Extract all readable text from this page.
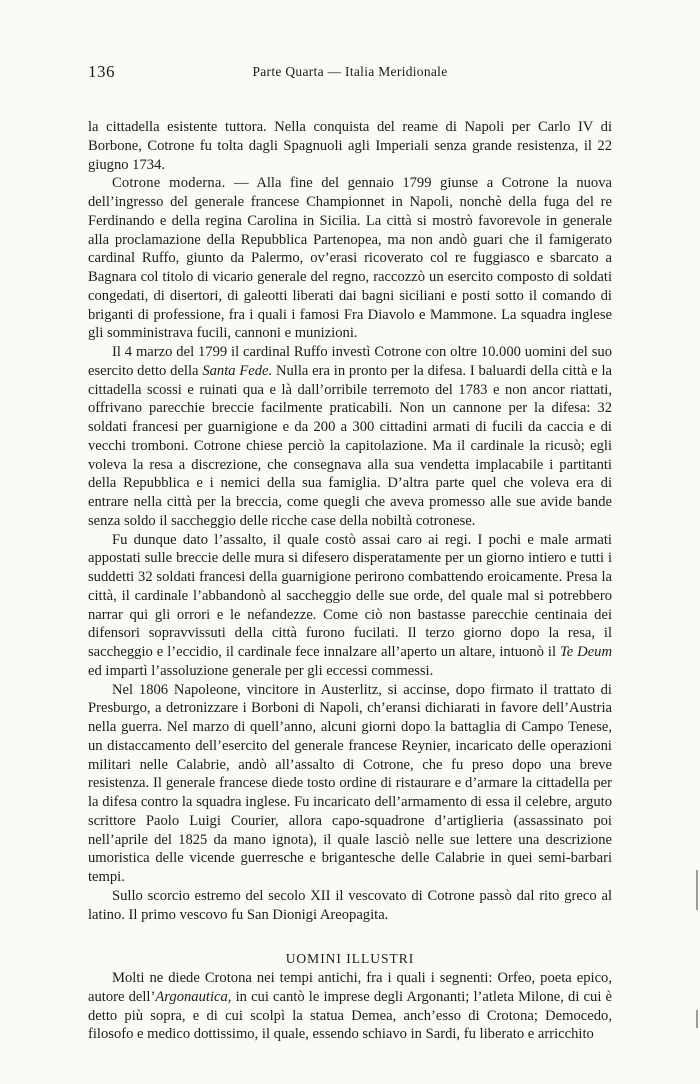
136	Parte Quarta — Italia Meridionale

la cittadella esistente tuttora. Nella conquista del reame di Napoli per Carlo IV di Borbone, Cotrone fu tolta dagli Spagnuoli agli Imperiali senza grande resistenza, il 22 giugno 1734.

Cotrone moderna. — Alla fine del gennaio 1799 giunse a Cotrone la nuova dell’ingresso del generale francese Championnet in Napoli, nonchè della fuga del re Ferdinando e della regina Carolina in Sicilia. La città si mostrò favorevole in generale alla proclamazione della Repubblica Partenopea, ma non andò guari che il famigerato cardinal Ruffo, giunto da Palermo, ov’erasi ricoverato col re fuggiasco e sbarcato a Bagnara col titolo di vicario generale del regno, raccozzò un esercito composto di soldati congedati, di disertori, di galeotti liberati dai bagni siciliani e posti sotto il comando di briganti di professione, fra i quali i famosi Fra Diavolo e Mammone. La squadra inglese gli somministrava fucili, cannoni e munizioni.

Il 4 marzo del 1799 il cardinal Ruffo investì Cotrone con oltre 10.000 uomini del suo esercito detto della Santa Fede. Nulla era in pronto per la difesa. I baluardi della città e la cittadella scossi e ruinati qua e là dall’orribile terremoto del 1783 e non ancor riattati, offrivano parecchie breccie facilmente praticabili. Non un cannone per la difesa: 32 soldati francesi per guarnigione e da 200 a 300 cittadini armati di fucili da caccia e di vecchi tromboni. Cotrone chiese perciò la capitolazione. Ma il cardinale la ricusò; egli voleva la resa a discrezione, che consegnava alla sua vendetta implacabile i partitanti della Repubblica e i nemici della sua famiglia. D’altra parte quel che voleva era di entrare nella città per la breccia, come quegli che aveva promesso alle sue avide bande senza soldo il saccheggio delle ricche case della nobiltà cotronese.

Fu dunque dato l’assalto, il quale costò assai caro ai regi. I pochi e male armati appostati sulle breccie delle mura si difesero disperatamente per un giorno intiero e tutti i suddetti 32 soldati francesi della guarnigione perirono combattendo eroicamente. Presa la città, il cardinale l’abbandonò al saccheggio delle sue orde, del quale mal si potrebbero narrar qui gli orrori e le nefandezze. Come ciò non bastasse parecchie centinaia dei difensori sopravvissuti della città furono fucilati. Il terzo giorno dopo la resa, il saccheggio e l’eccidio, il cardinale fece innalzare all’aperto un altare, intuonò il Te Deum ed impartì l’assoluzione generale per gli eccessi commessi.

Nel 1806 Napoleone, vincitore in Austerlitz, si accinse, dopo firmato il trattato di Presburgo, a detronizzare i Borboni di Napoli, ch’eransi dichiarati in favore dell’Austria nella guerra. Nel marzo di quell’anno, alcuni giorni dopo la battaglia di Campo Tenese, un distaccamento dell’esercito del generale francese Reynier, incaricato delle operazioni militari nelle Calabrie, andò all’assalto di Cotrone, che fu preso dopo una breve resistenza. Il generale francese diede tosto ordine di ristaurare e d’armare la cittadella per la difesa contro la squadra inglese. Fu incaricato dell’armamento di essa il celebre, arguto scrittore Paolo Luigi Courier, allora capo-squadrone d’artiglieria (assassinato poi nell’aprile del 1825 da mano ignota), il quale lasciò nelle sue lettere una descrizione umoristica delle vicende guerresche e brigantesche delle Calabrie in quei semi-barbari tempi.

Sullo scorcio estremo del secolo XII il vescovato di Cotrone passò dal rito greco al latino. Il primo vescovo fu San Dionigi Areopagita.

UOMINI ILLUSTRI

Molti ne diede Crotona nei tempi antichi, fra i quali i segnenti: Orfeo, poeta epico, autore dell’Argonautica, in cui cantò le imprese degli Argonanti; l’atleta Milone, di cui è detto più sopra, e di cui scolpì la statua Demea, anch’esso di Crotona; Democedo, filosofo e medico dottissimo, il quale, essendo schiavo in Sardi, fu liberato e arricchito
